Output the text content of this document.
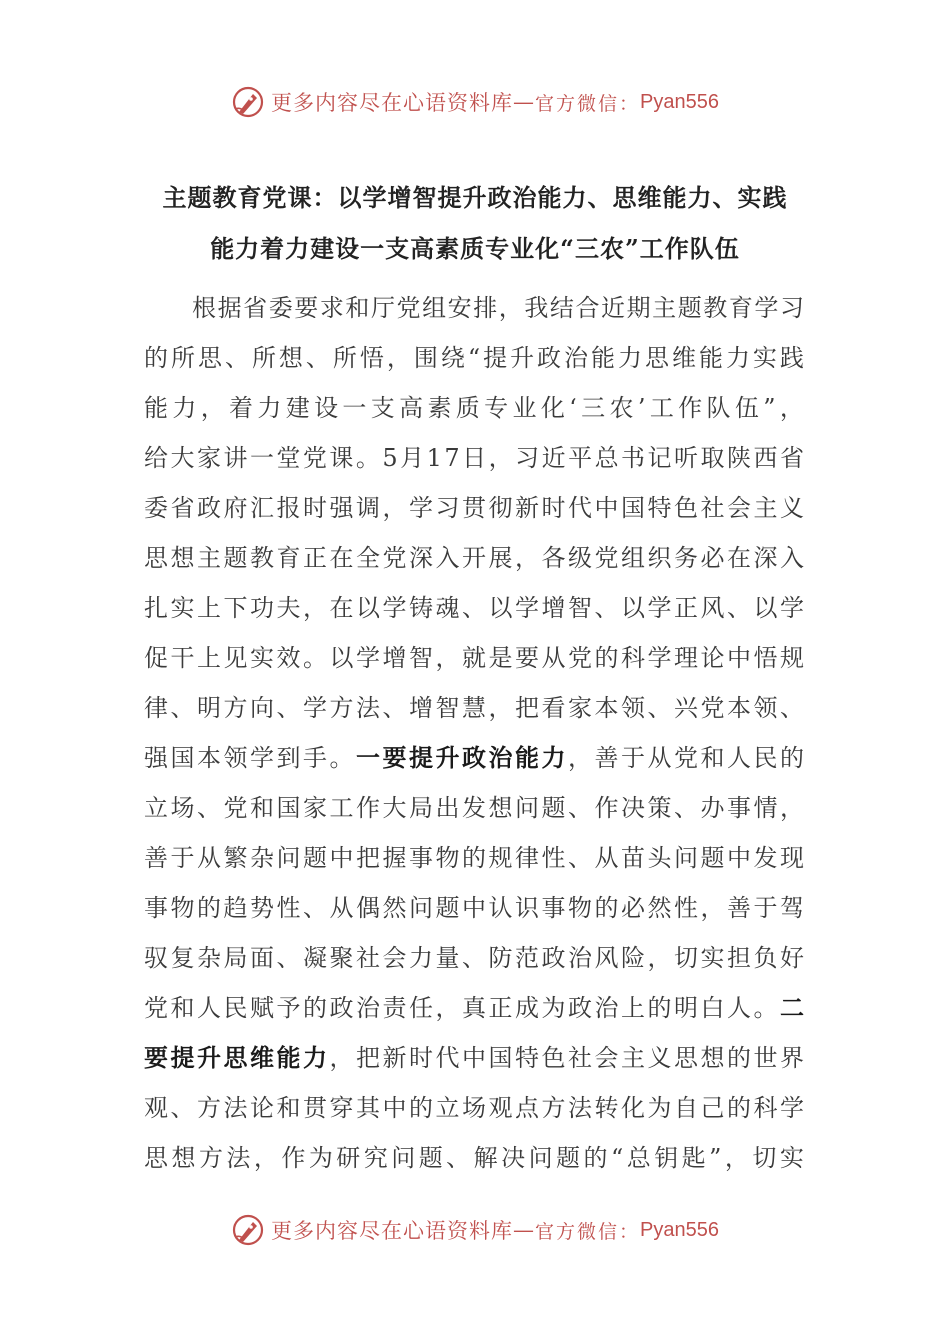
更多内容尽在心语资料库 — 官方微信： Pyan556
主题教育党课：以学增智提升政治能力、思维能力、实践
能力着力建设一支高素质专业化“三农”工作队伍
根 据 省 委 要 求 和 厅 党 组 安 排 ， 我 结 合 近 期 主 题 教 育 学 习
的 所 思 、 所 想 、 所 悟 ， 围 绕 “ 提 升 政 治 能 力 思 维 能 力 实 践
能 力 ， 着 力 建 设 一 支 高 素 质 专 业 化 ‘ 三 农 ’ 工 作 队 伍 ” ，
给 大 家 讲 一 堂 党 课 。 5 月 1 7 日 ， 习 近 平 总 书 记 听 取 陕 西 省
委 省 政 府 汇 报 时 强 调 ， 学 习 贯 彻 新 时 代 中 国 特 色 社 会 主 义
思 想 主 题 教 育 正 在 全 党 深 入 开 展 ， 各 级 党 组 织 务 必 在 深 入
扎 实 上 下 功 夫 ， 在 以 学 铸 魂 、 以 学 增 智 、 以 学 正 风 、 以 学
促 干 上 见 实 效 。 以 学 增 智 ， 就 是 要 从 党 的 科 学 理 论 中 悟 规
律 、 明 方 向 、 学 方 法 、 增 智 慧 ， 把 看 家 本 领 、 兴 党 本 领 、
强 国 本 领 学 到 手 。 一 要 提 升 政 治 能 力 ， 善 于 从 党 和 人 民 的
立 场 、 党 和 国 家 工 作 大 局 出 发 想 问 题 、 作 决 策 、 办 事 情 ，
善 于 从 繁 杂 问 题 中 把 握 事 物 的 规 律 性 、 从 苗 头 问 题 中 发 现
事 物 的 趋 势 性 、 从 偶 然 问 题 中 认 识 事 物 的 必 然 性 ， 善 于 驾
驭 复 杂 局 面 、 凝 聚 社 会 力 量 、 防 范 政 治 风 险 ， 切 实 担 负 好
党 和 人 民 赋 予 的 政 治 责 任 ， 真 正 成 为 政 治 上 的 明 白 人 。 二
要 提 升 思 维 能 力 ， 把 新 时 代 中 国 特 色 社 会 主 义 思 想 的 世 界
观 、 方 法 论 和 贯 穿 其 中 的 立 场 观 点 方 法 转 化 为 自 己 的 科 学
思 想 方 法 ， 作 为 研 究 问 题 、 解 决 问 题 的 “ 总 钥 匙 ” ， 切 实
更多内容尽在心语资料库 — 官方微信： Pyan556
